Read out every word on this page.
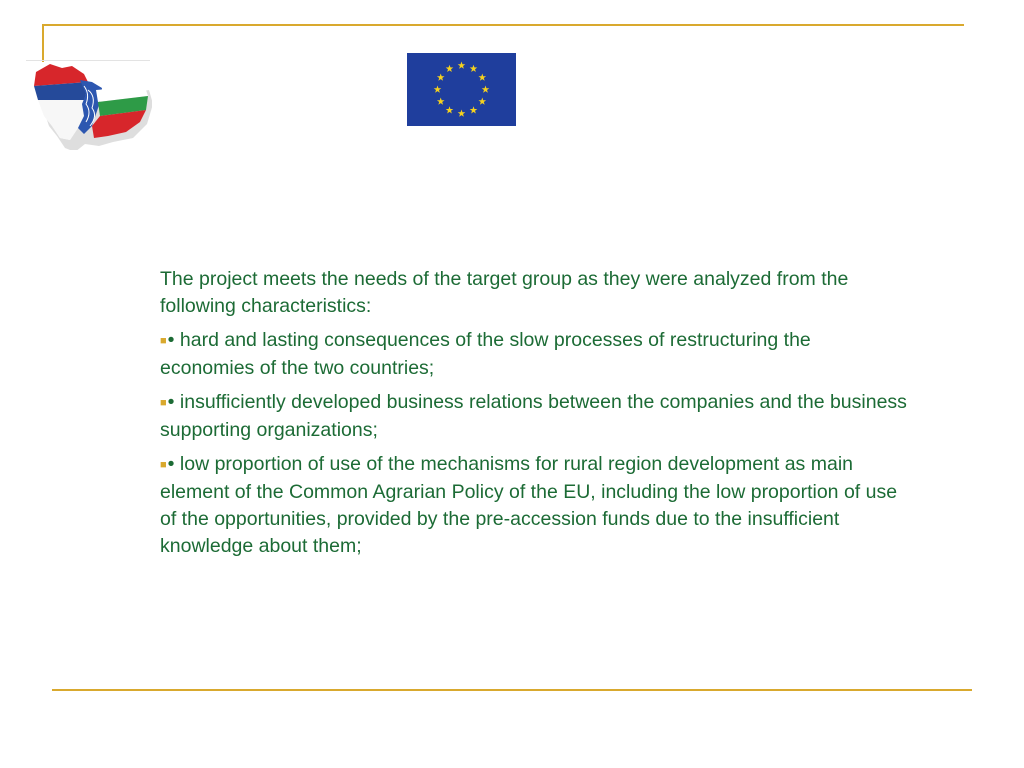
The project meets the needs of the target group as they were analyzed from the following characteristics:

■• hard and lasting consequences of the slow processes of restructuring the economies of the two countries;

■• insufficiently developed business relations between the companies and the business supporting organizations;

■• low proportion of use of the mechanisms for rural region development as main element of the Common Agrarian Policy of the EU, including the low proportion of use of the opportunities, provided by the pre-accession funds due to the insufficient knowledge about them;
